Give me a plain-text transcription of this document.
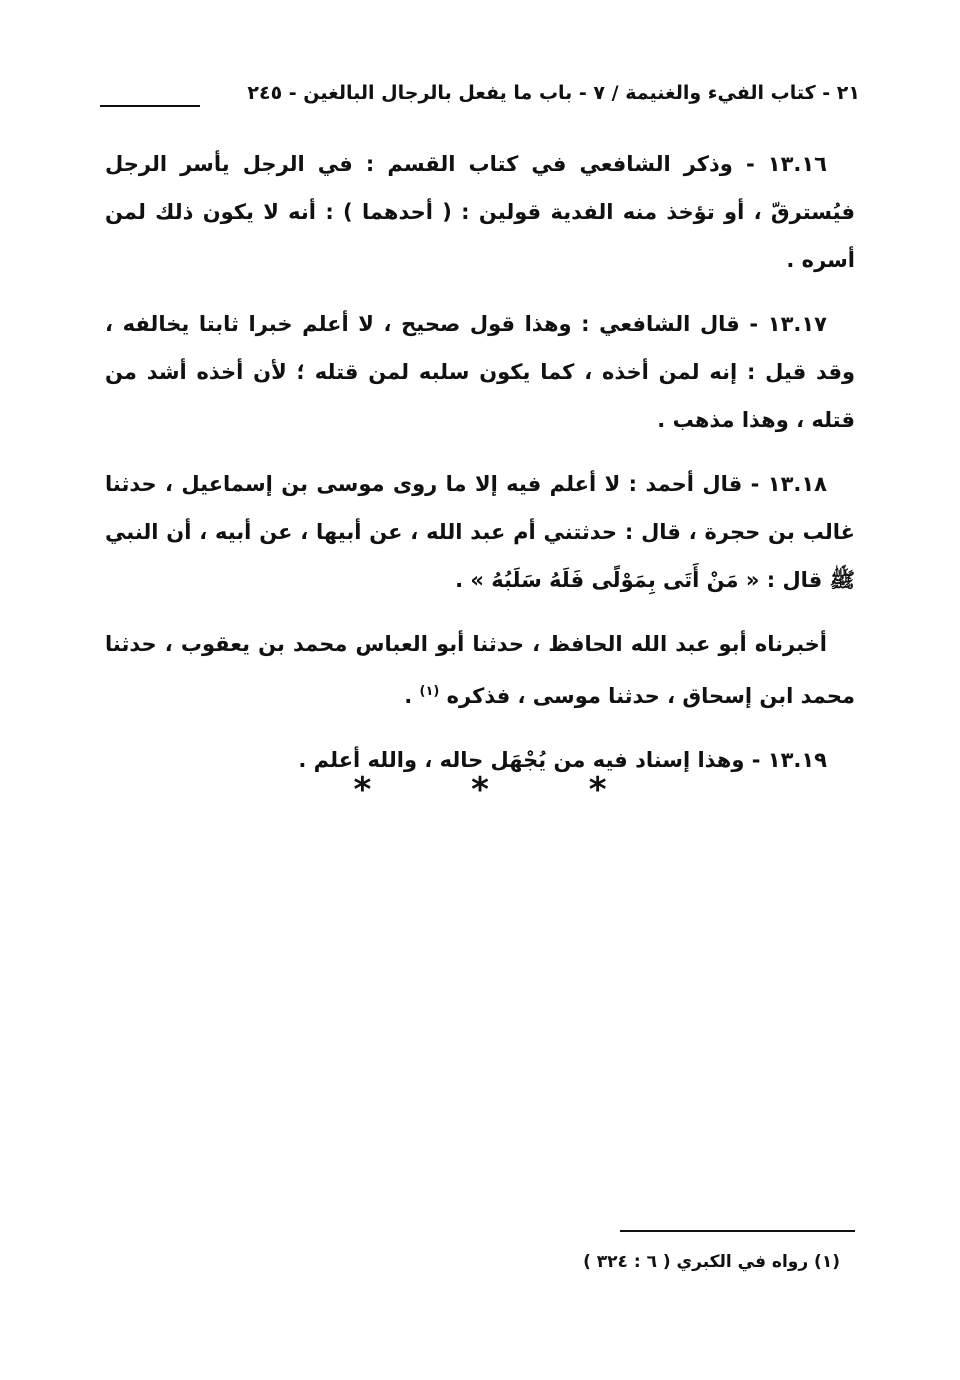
٢١ - كتاب الفيء والغنيمة / ٧ - باب ما يفعل بالرجال البالغين - ٢٤٥

١٣.١٦ - وذكر الشافعي في كتاب القسم : في الرجل يأسر الرجل فيُسترقّ ، أو تؤخذ منه الفدية قولين : ( أحدهما ) : أنه لا يكون ذلك لمن أسره .

١٣.١٧ - قال الشافعي : وهذا قول صحيح ، لا أعلم خبرا ثابتا يخالفه ، وقد قيل : إنه لمن أخذه ، كما يكون سلبه لمن قتله ؛ لأن أخذه أشد من قتله ، وهذا مذهب .

١٣.١٨ - قال أحمد : لا أعلم فيه إلا ما روى موسى بن إسماعيل ، حدثنا غالب بن حجرة ، قال : حدثتني أم عبد الله ، عن أبيها ، عن أبيه ، أن النبي ﷺ قال : « مَنْ أَتَى بِمَوْلًى فَلَهُ سَلَبُهُ » .

أخبرناه أبو عبد الله الحافظ ، حدثنا أبو العباس محمد بن يعقوب ، حدثنا محمد ابن إسحاق ، حدثنا موسى ، فذكره $^{(١)}$ .

١٣.١٩ - وهذا إسناد فيه من يُجْهَل حاله ، والله أعلم .

*	*	*
(١) رواه في الكبري ( ٦ : ٣٢٤ )
